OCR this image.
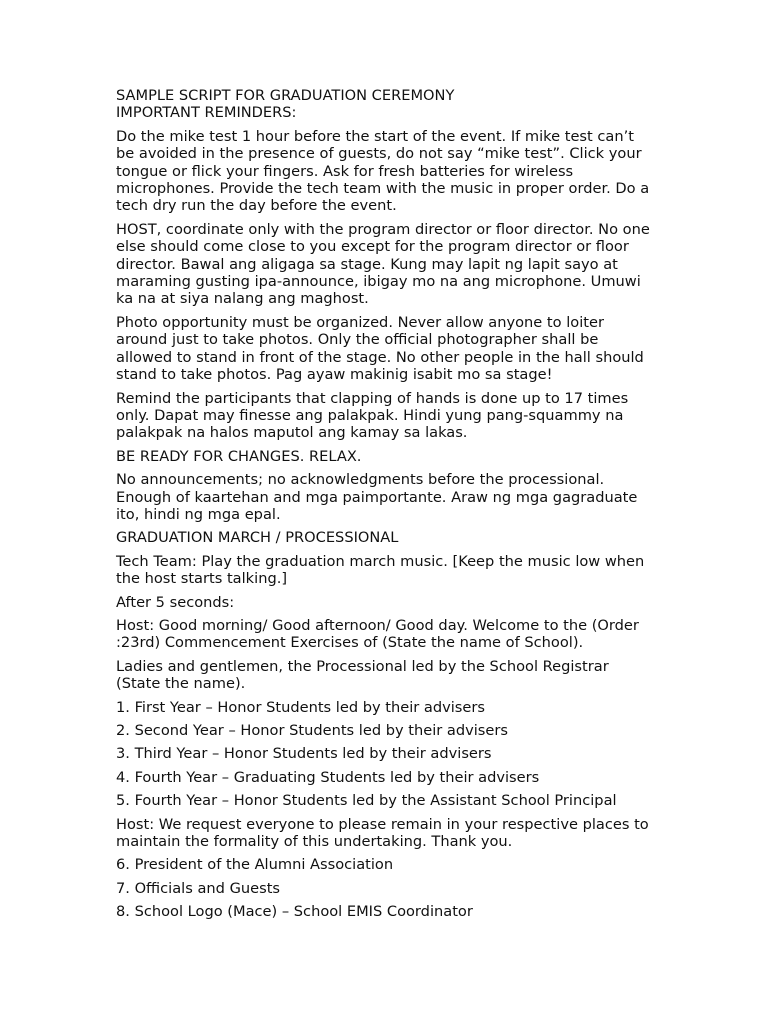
SAMPLE SCRIPT FOR GRADUATION CEREMONY
IMPORTANT REMINDERS:

Do the mike test 1 hour before the start of the event. If mike test can’t be avoided in the presence of guests, do not say “mike test”. Click your tongue or flick your fingers. Ask for fresh batteries for wireless microphones. Provide the tech team with the music in proper order. Do a tech dry run the day before the event.

HOST, coordinate only with the program director or floor director. No one else should come close to you except for the program director or floor director. Bawal ang aligaga sa stage. Kung may lapit ng lapit sayo at maraming gusting ipa-announce, ibigay mo na ang microphone. Umuwi ka na at siya nalang ang maghost.

Photo opportunity must be organized. Never allow anyone to loiter around just to take photos. Only the official photographer shall be allowed to stand in front of the stage. No other people in the hall should stand to take photos. Pag ayaw makinig isabit mo sa stage!

Remind the participants that clapping of hands is done up to 17 times only. Dapat may finesse ang palakpak. Hindi yung pang-squammy na palakpak na halos maputol ang kamay sa lakas.

BE READY FOR CHANGES. RELAX.

No announcements; no acknowledgments before the processional. Enough of kaartehan and mga paimportante. Araw ng mga gagraduate ito, hindi ng mga epal.

GRADUATION MARCH / PROCESSIONAL

Tech Team: Play the graduation march music. [Keep the music low when the host starts talking.]

After 5 seconds:

Host: Good morning/ Good afternoon/ Good day. Welcome to the (Order :23rd) Commencement Exercises of (State the name of School).

Ladies and gentlemen, the Processional led by the School Registrar (State the name).

1. First Year – Honor Students led by their advisers

2. Second Year – Honor Students led by their advisers

3. Third Year – Honor Students led by their advisers

4. Fourth Year – Graduating Students led by their advisers

5. Fourth Year – Honor Students led by the Assistant School Principal

Host: We request everyone to please remain in your respective places to maintain the formality of this undertaking. Thank you.

6. President of the Alumni Association

7. Officials and Guests

8. School Logo (Mace) – School EMIS Coordinator
